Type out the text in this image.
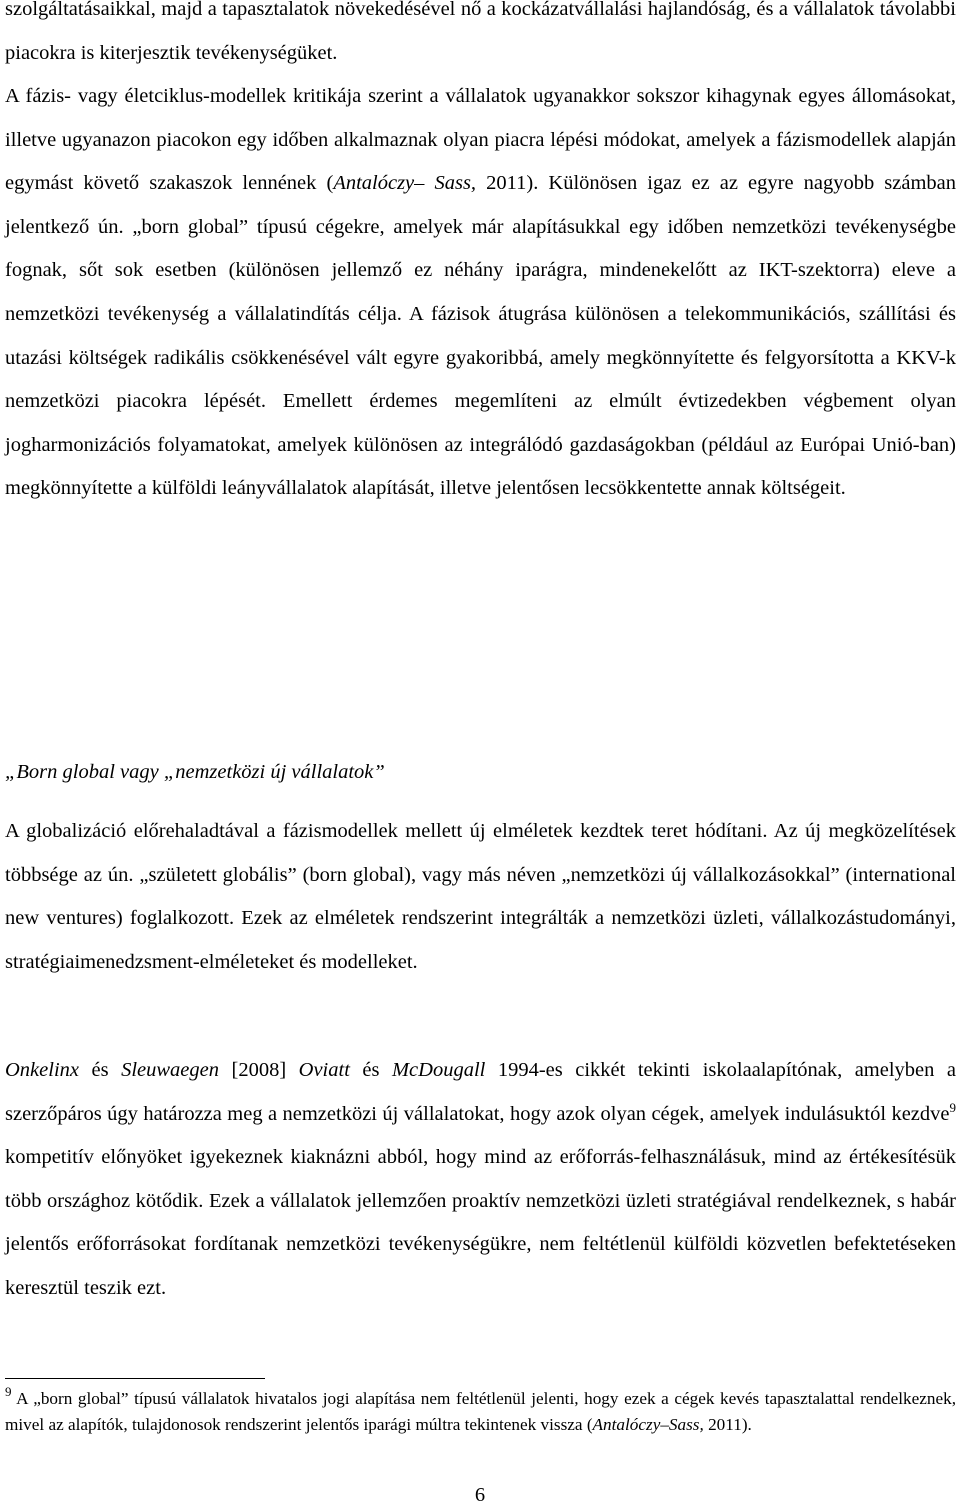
szolgáltatásaikkal, majd a tapasztalatok növekedésével nő a kockázatvállalási hajlandóság, és a vállalatok távolabbi piacokra is kiterjesztik tevékenységüket.

A fázis- vagy életciklus-modellek kritikája szerint a vállalatok ugyanakkor sokszor kihagynak egyes állomásokat, illetve ugyanazon piacokon egy időben alkalmaznak olyan piacra lépési módokat, amelyek a fázismodellek alapján egymást követő szakaszok lennének (Antalóczy– Sass, 2011). Különösen igaz ez az egyre nagyobb számban jelentkező ún. „born global” típusú cégekre, amelyek már alapításukkal egy időben nemzetközi tevékenységbe fognak, sőt sok esetben (különösen jellemző ez néhány iparágra, mindenekelőtt az IKT-szektorra) eleve a nemzetközi tevékenység a vállalatindítás célja. A fázisok átugrása különösen a telekommunikációs, szállítási és utazási költségek radikális csökkenésével vált egyre gyakoribbá, amely megkönnyítette és felgyorsította a KKV-k nemzetközi piacokra lépését. Emellett érdemes megemlíteni az elmúlt évtizedekben végbement olyan jogharmonizációs folyamatokat, amelyek különösen az integrálódó gazdaságokban (például az Európai Unió-ban) megkönnyítette a külföldi leányvállalatok alapítását, illetve jelentősen lecsökkentette annak költségeit.

„Born global vagy „nemzetközi új vállalatok”

A globalizáció előrehaladtával a fázismodellek mellett új elméletek kezdtek teret hódítani. Az új megközelítések többsége az ún. „született globális” (born global), vagy más néven „nemzetközi új vállalkozásokkal” (international new ventures) foglalkozott. Ezek az elméletek rendszerint integrálták a nemzetközi üzleti, vállalkozástudományi, stratégiaimenedzsment-elméleteket és modelleket.

Onkelinx és Sleuwaegen [2008] Oviatt és McDougall 1994-es cikkét tekinti iskolaalapítónak, amelyben a szerzőpáros úgy határozza meg a nemzetközi új vállalatokat, hogy azok olyan cégek, amelyek indulásuktól kezdve$^9$ kompetitív előnyöket igyekeznek kiaknázni abból, hogy mind az erőforrás-felhasználásuk, mind az értékesítésük több országhoz kötődik. Ezek a vállalatok jellemzően proaktív nemzetközi üzleti stratégiával rendelkeznek, s habár jelentős erőforrásokat fordítanak nemzetközi tevékenységükre, nem feltétlenül külföldi közvetlen befektetéseken keresztül teszik ezt.

$^9$ A „born global” típusú vállalatok hivatalos jogi alapítása nem feltétlenül jelenti, hogy ezek a cégek kevés tapasztalattal rendelkeznek, mivel az alapítók, tulajdonosok rendszerint jelentős iparági múltra tekintenek vissza (Antalóczy–Sass, 2011).

6
